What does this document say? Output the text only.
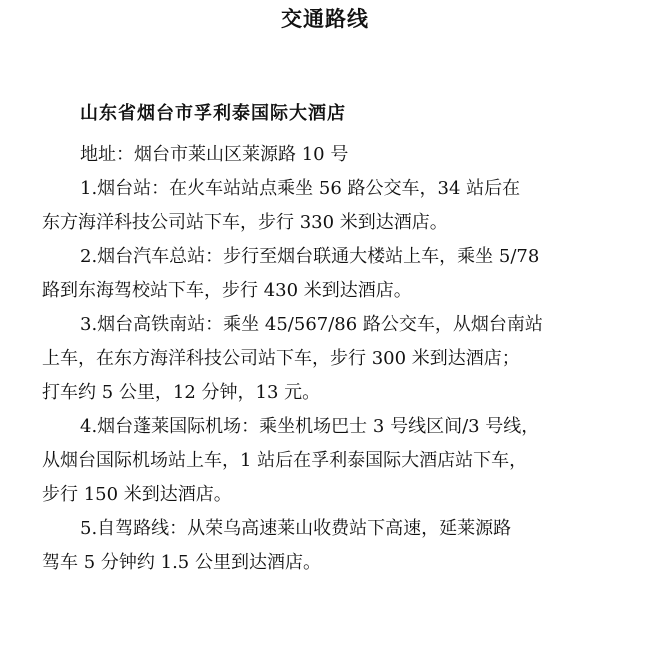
交通路线
山东省烟台市孚利泰国际大酒店
地址：烟台市莱山区莱源路 10 号
1.烟台站：在火车站站点乘坐 56 路公交车，34 站后在
东方海洋科技公司站下车，步行 330 米到达酒店。
2.烟台汽车总站：步行至烟台联通大楼站上车，乘坐 5/78
路到东海驾校站下车，步行 430 米到达酒店。
3.烟台高铁南站：乘坐 45/567/86 路公交车，从烟台南站
上车，在东方海洋科技公司站下车，步行 300 米到达酒店；
打车约 5 公里，12 分钟，13 元。
4.烟台蓬莱国际机场：乘坐机场巴士 3 号线区间/3 号线，
从烟台国际机场站上车，1 站后在孚利泰国际大酒店站下车，
步行 150 米到达酒店。
5.自驾路线：从荣乌高速莱山收费站下高速，延莱源路
驾车 5 分钟约 1.5 公里到达酒店。
